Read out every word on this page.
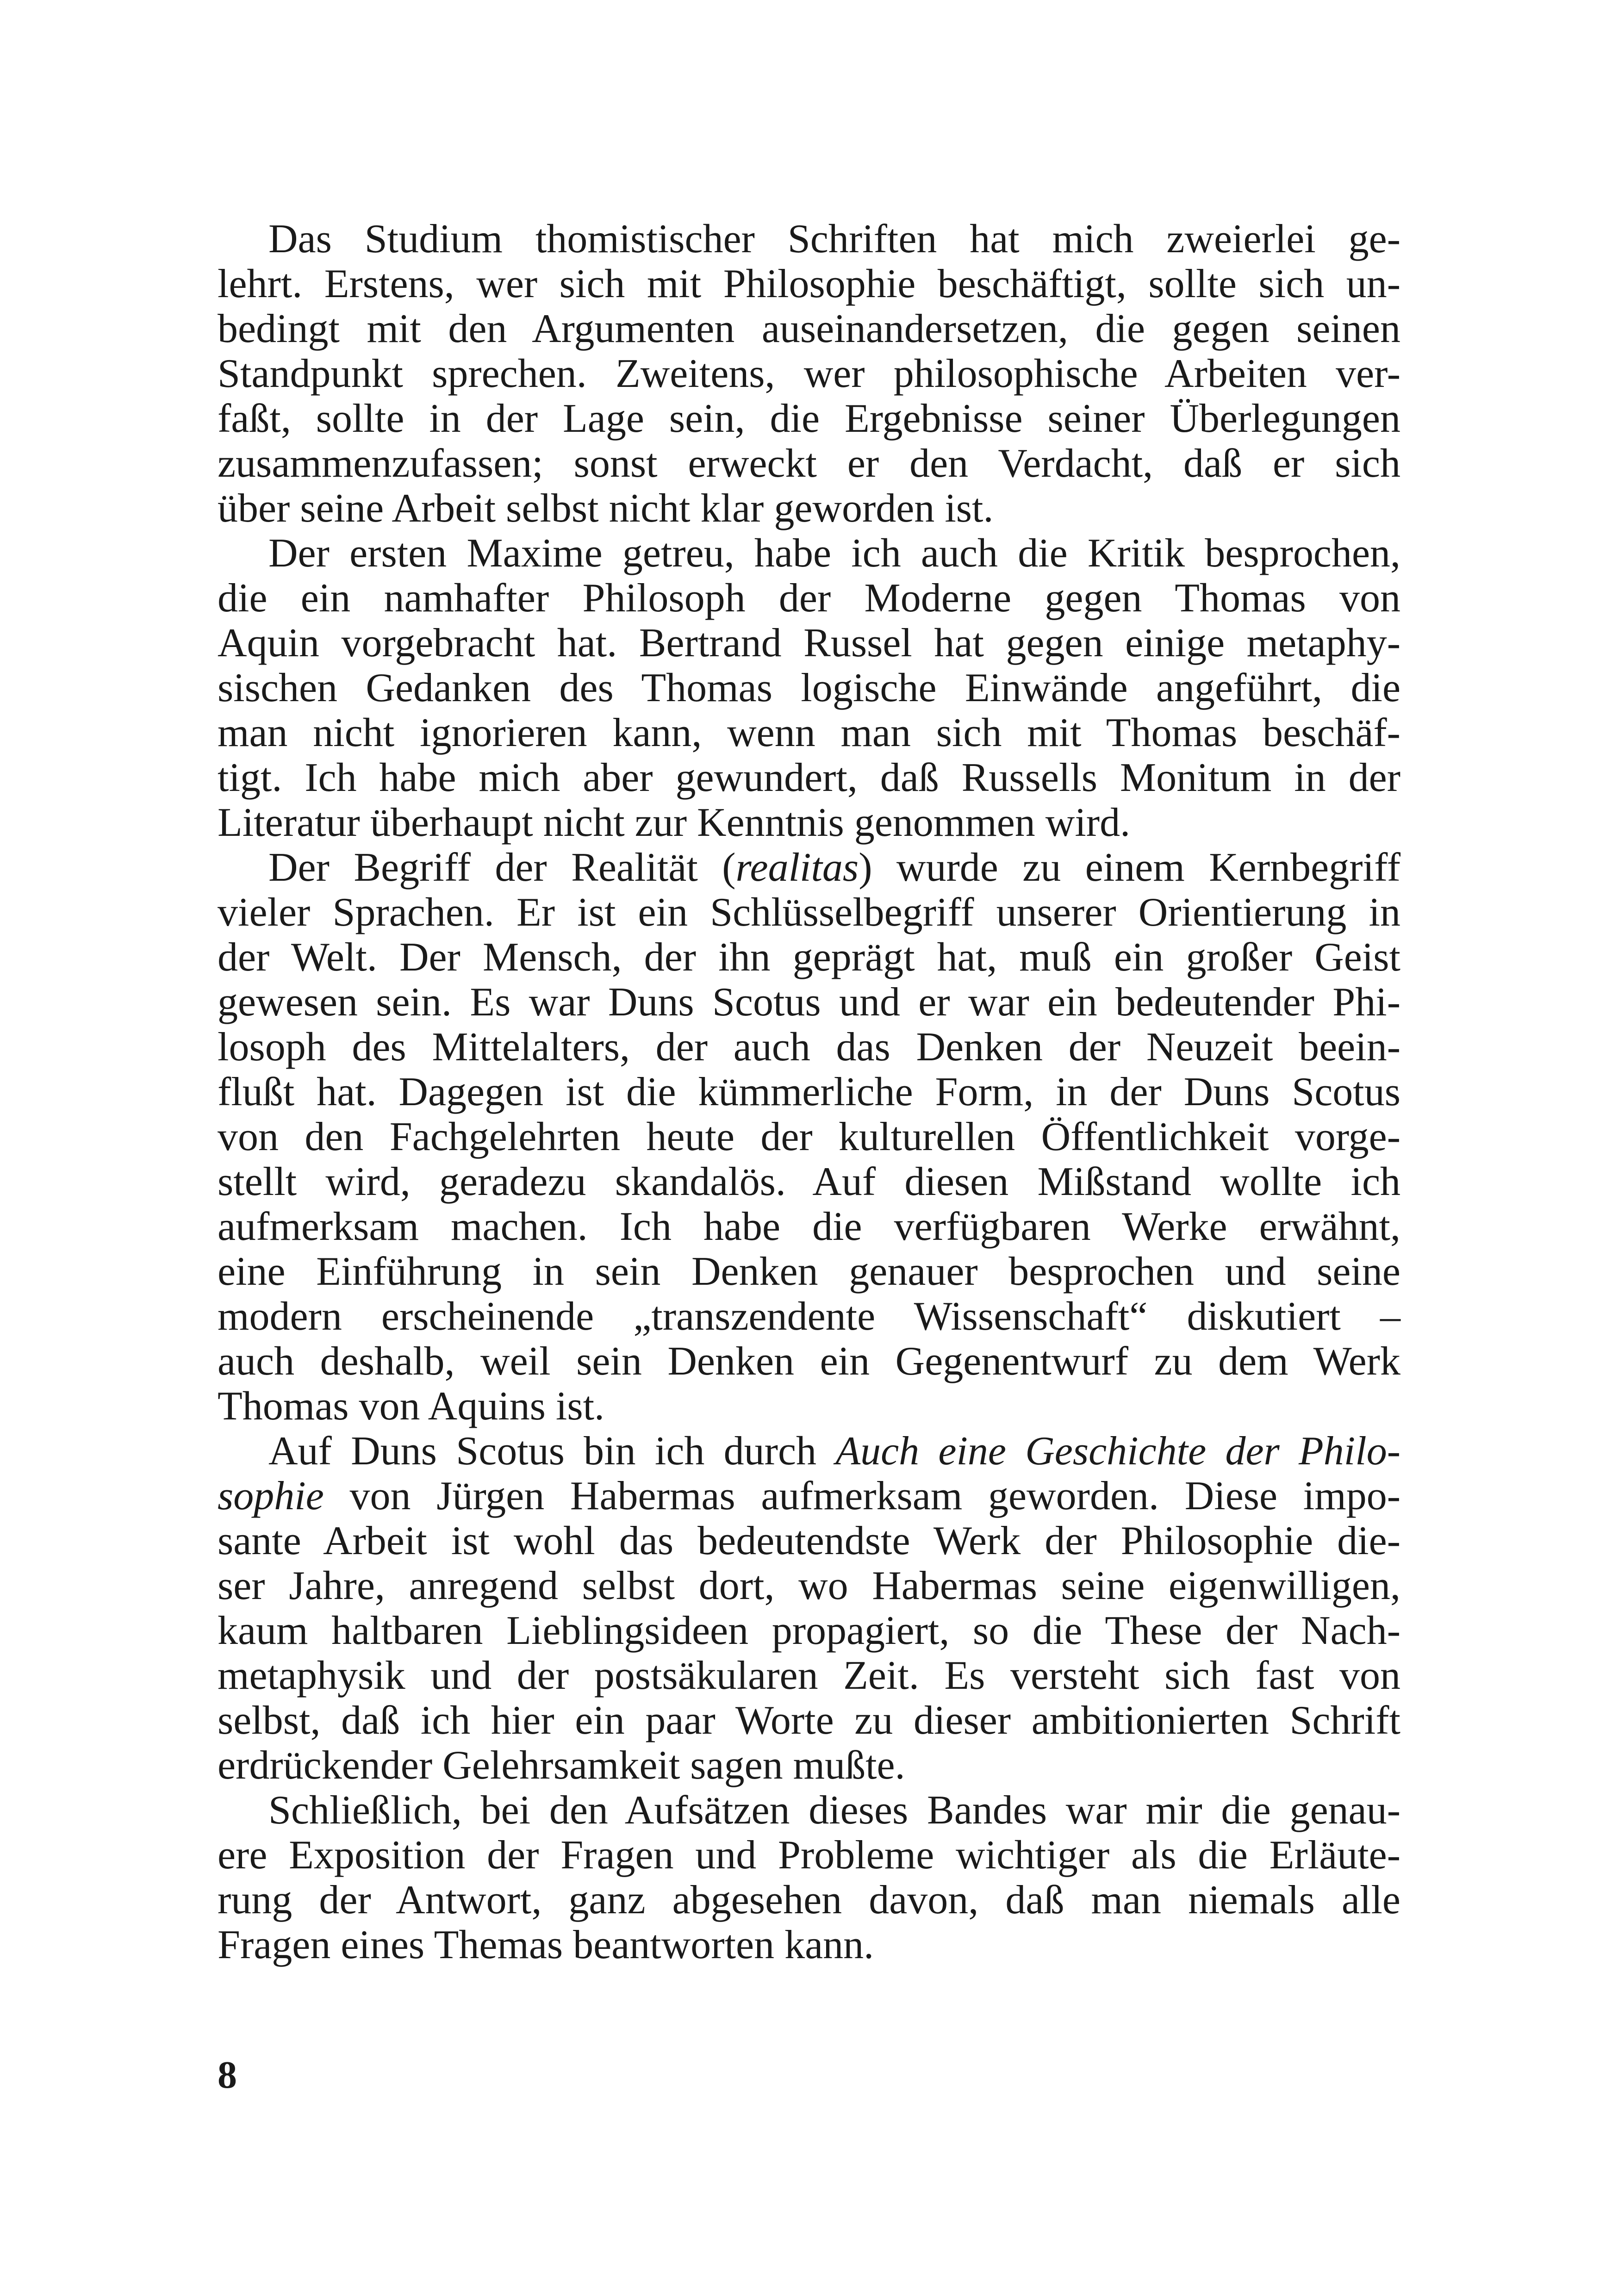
Das Studium thomistischer Schriften hat mich zweierlei ge-
lehrt. Erstens, wer sich mit Philosophie beschäftigt, sollte sich un-
bedingt mit den Argumenten auseinandersetzen, die gegen seinen
Standpunkt sprechen. Zweitens, wer philosophische Arbeiten ver-
faßt, sollte in der Lage sein, die Ergebnisse seiner Überlegungen
zusammenzufassen; sonst erweckt er den Verdacht, daß er sich
über seine Arbeit selbst nicht klar geworden ist.
Der ersten Maxime getreu, habe ich auch die Kritik besprochen,
die ein namhafter Philosoph der Moderne gegen Thomas von
Aquin vorgebracht hat. Bertrand Russel hat gegen einige metaphy-
sischen Gedanken des Thomas logische Einwände angeführt, die
man nicht ignorieren kann, wenn man sich mit Thomas beschäf-
tigt. Ich habe mich aber gewundert, daß Russells Monitum in der
Literatur überhaupt nicht zur Kenntnis genommen wird.
Der Begriff der Realität (realitas) wurde zu einem Kernbegriff
vieler Sprachen. Er ist ein Schlüsselbegriff unserer Orientierung in
der Welt. Der Mensch, der ihn geprägt hat, muß ein großer Geist
gewesen sein. Es war Duns Scotus und er war ein bedeutender Phi-
losoph des Mittelalters, der auch das Denken der Neuzeit beein-
flußt hat. Dagegen ist die kümmerliche Form, in der Duns Scotus
von den Fachgelehrten heute der kulturellen Öffentlichkeit vorge-
stellt wird, geradezu skandalös. Auf diesen Mißstand wollte ich
aufmerksam machen. Ich habe die verfügbaren Werke erwähnt,
eine Einführung in sein Denken genauer besprochen und seine
modern erscheinende „transzendente Wissenschaft“ diskutiert –
auch deshalb, weil sein Denken ein Gegenentwurf zu dem Werk
Thomas von Aquins ist.
Auf Duns Scotus bin ich durch Auch eine Geschichte der Philo-
sophie von Jürgen Habermas aufmerksam geworden. Diese impo-
sante Arbeit ist wohl das bedeutendste Werk der Philosophie die-
ser Jahre, anregend selbst dort, wo Habermas seine eigenwilligen,
kaum haltbaren Lieblingsideen propagiert, so die These der Nach-
metaphysik und der postsäkularen Zeit. Es versteht sich fast von
selbst, daß ich hier ein paar Worte zu dieser ambitionierten Schrift
erdrückender Gelehrsamkeit sagen mußte.
Schließlich, bei den Aufsätzen dieses Bandes war mir die genau-
ere Exposition der Fragen und Probleme wichtiger als die Erläute-
rung der Antwort, ganz abgesehen davon, daß man niemals alle
Fragen eines Themas beantworten kann.
8
